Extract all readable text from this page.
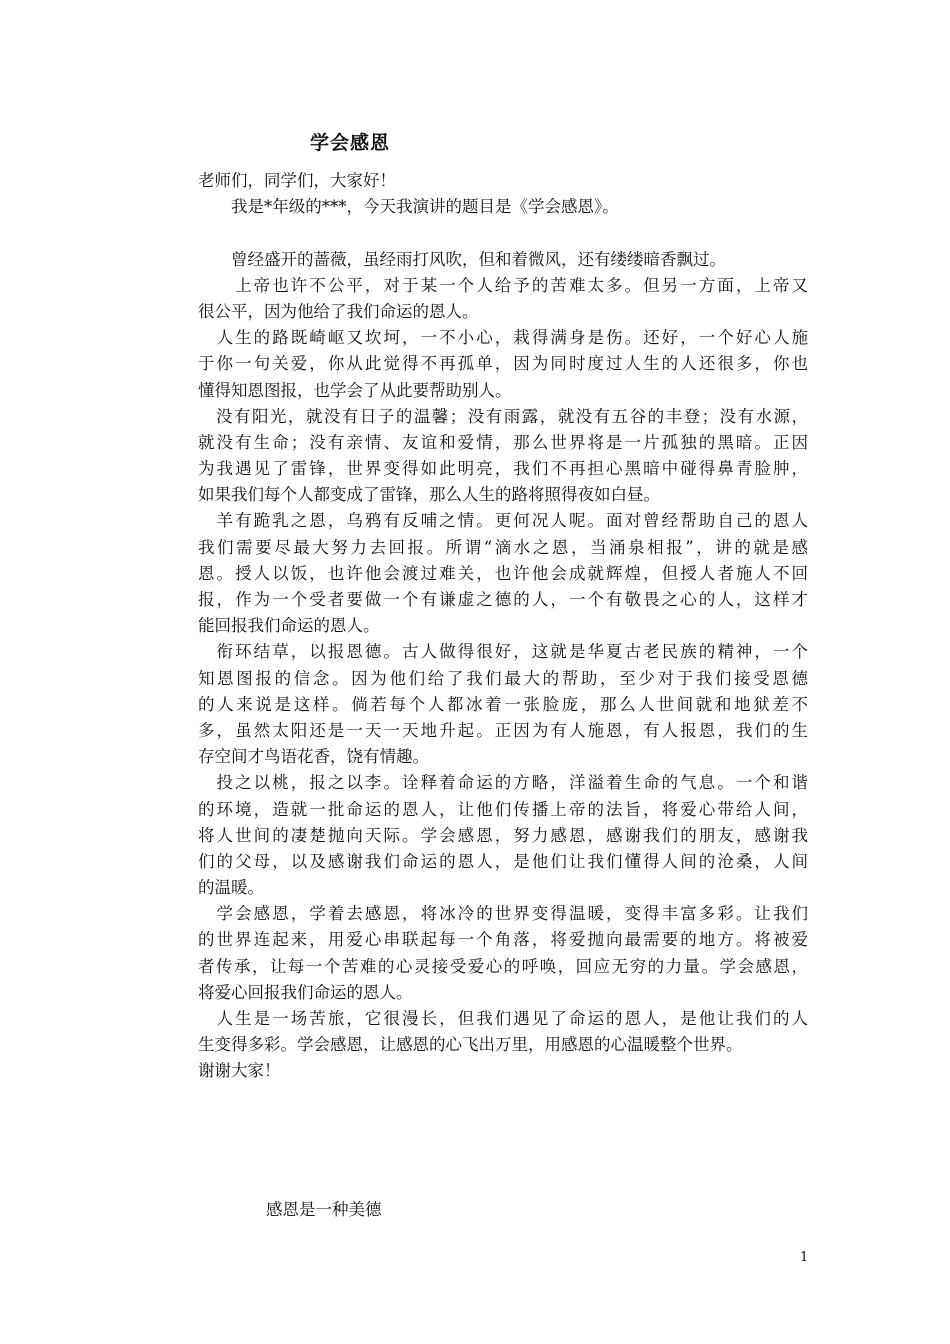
学会感恩
老师们，同学们，大家好！
　　我是*年级的***，今天我演讲的题目是《学会感恩》。
　　曾经盛开的蔷薇，虽经雨打风吹，但和着微风，还有缕缕暗香飘过。
　　上帝也许不公平，对于某一个人给予的苦难太多。但另一方面，上帝又
很公平，因为他给了我们命运的恩人。
　人生的路既崎岖又坎坷，一不小心，栽得满身是伤。还好，一个好心人施
于你一句关爱，你从此觉得不再孤单，因为同时度过人生的人还很多，你也
懂得知恩图报，也学会了从此要帮助别人。
　没有阳光，就没有日子的温馨；没有雨露，就没有五谷的丰登；没有水源，
就没有生命；没有亲情、友谊和爱情，那么世界将是一片孤独的黑暗。正因
为我遇见了雷锋，世界变得如此明亮，我们不再担心黑暗中碰得鼻青脸肿，
如果我们每个人都变成了雷锋，那么人生的路将照得夜如白昼。
　羊有跪乳之恩，乌鸦有反哺之情。更何况人呢。面对曾经帮助自己的恩人
我们需要尽最大努力去回报。所谓“滴水之恩，当涌泉相报”，讲的就是感
恩。授人以饭，也许他会渡过难关，也许他会成就辉煌，但授人者施人不回
报，作为一个受者要做一个有谦虚之德的人，一个有敬畏之心的人，这样才
能回报我们命运的恩人。
　衔环结草，以报恩德。古人做得很好，这就是华夏古老民族的精神，一个
知恩图报的信念。因为他们给了我们最大的帮助，至少对于我们接受恩德
的人来说是这样。倘若每个人都冰着一张脸庞，那么人世间就和地狱差不
多，虽然太阳还是一天一天地升起。正因为有人施恩，有人报恩，我们的生
存空间才鸟语花香，饶有情趣。
　投之以桃，报之以李。诠释着命运的方略，洋溢着生命的气息。一个和谐
的环境，造就一批命运的恩人，让他们传播上帝的法旨，将爱心带给人间，
将人世间的凄楚抛向天际。学会感恩，努力感恩，感谢我们的朋友，感谢我
们的父母，以及感谢我们命运的恩人，是他们让我们懂得人间的沧桑，人间
的温暖。
　学会感恩，学着去感恩，将冰冷的世界变得温暖，变得丰富多彩。让我们
的世界连起来，用爱心串联起每一个角落，将爱抛向最需要的地方。将被爱
者传承，让每一个苦难的心灵接受爱心的呼唤，回应无穷的力量。学会感恩，
将爱心回报我们命运的恩人。
　人生是一场苦旅，它很漫长，但我们遇见了命运的恩人，是他让我们的人
生变得多彩。学会感恩，让感恩的心飞出万里，用感恩的心温暖整个世界。
谢谢大家！
感恩是一种美德
1
